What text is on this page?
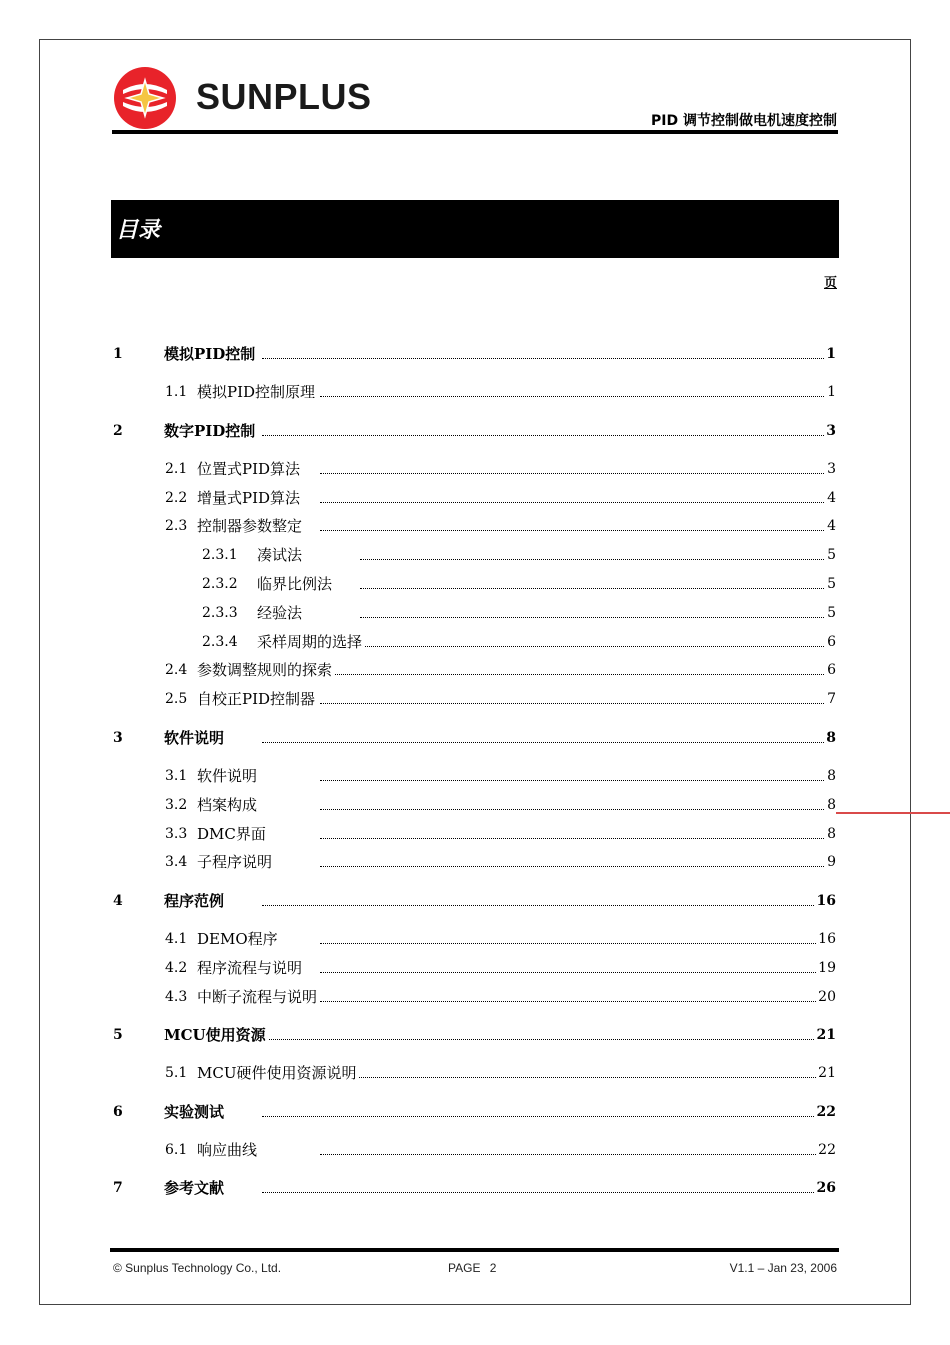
SUNPLUS
PID 调节控制做电机速度控制
目录
页
1	模拟PID控制	1
1.1 模拟PID控制原理	1
2	数字PID控制	3
2.1 位置式PID算法	3
2.2 增量式PID算法	4
2.3 控制器参数整定	4
2.3.1 凑试法	5
2.3.2 临界比例法	5
2.3.3 经验法	5
2.3.4 采样周期的选择	6
2.4 参数调整规则的探索	6
2.5 自校正PID控制器	7
3	软件说明	8
3.1 软件说明	8
3.2 档案构成	8
3.3 DMC界面	8
3.4 子程序说明	9
4	程序范例	16
4.1 DEMO程序	16
4.2 程序流程与说明	19
4.3 中断子流程与说明	20
5	MCU使用资源	21
5.1 MCU硬件使用资源说明	21
6	实验测试	22
6.1 响应曲线	22
7	参考文献	26
© Sunplus Technology Co., Ltd.	PAGE 2	V1.1 – Jan 23, 2006
